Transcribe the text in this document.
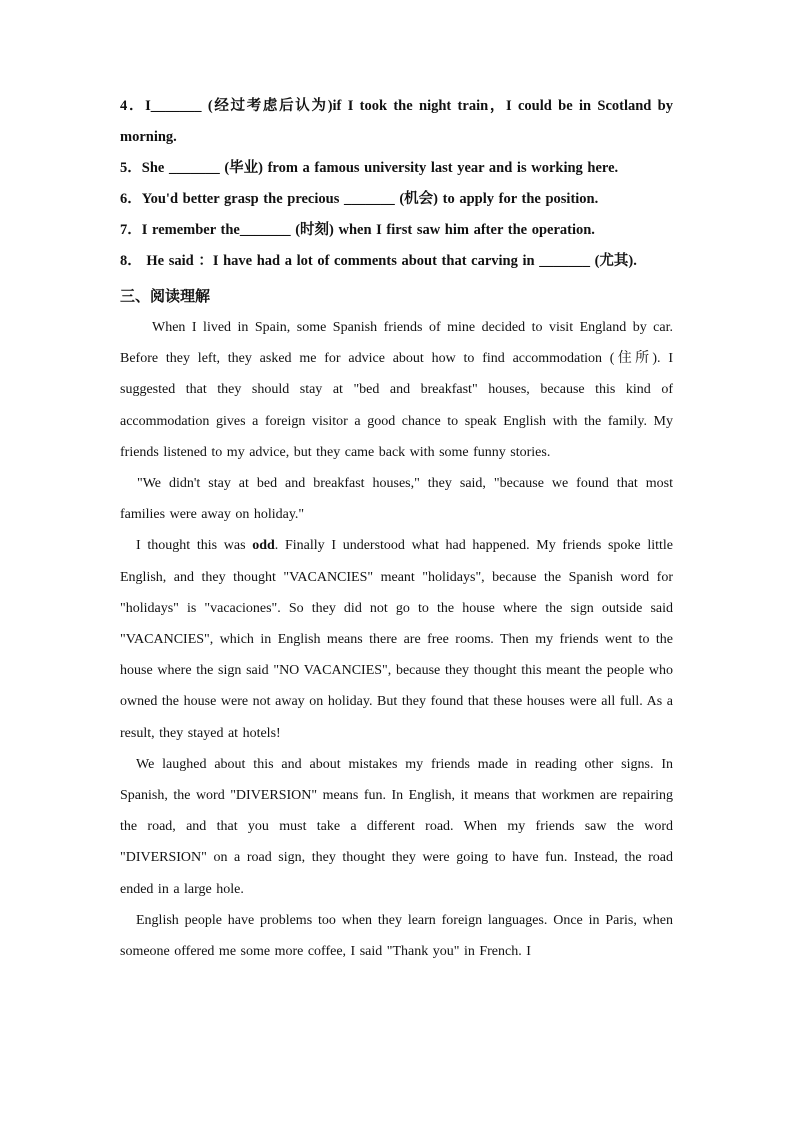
4．I_______ (经过考虑后认为)if I took the night train，I could be in Scotland by morning.

5．She _______ (毕业) from a famous university last year and is working here.

6．You'd better grasp the precious _______ (机会) to apply for the position.

7．I remember the_______ (时刻) when I first saw him after the operation.

8． He said ：I have had a lot of comments about that carving in _______ (尤其).

三、阅读理解

When I lived in Spain, some Spanish friends of mine decided to visit England by car. Before they left, they asked me for advice about how to find accommodation (住所). I suggested that they should stay at "bed and breakfast" houses, because this kind of accommodation gives a foreign visitor a good chance to speak English with the family. My friends listened to my advice, but they came back with some funny stories.

"We didn't stay at bed and breakfast houses," they said, "because we found that most families were away on holiday."

I thought this was odd. Finally I understood what had happened. My friends spoke little English, and they thought "VACANCIES" meant "holidays", because the Spanish word for "holidays" is "vacaciones". So they did not go to the house where the sign outside said "VACANCIES", which in English means there are free rooms. Then my friends went to the house where the sign said "NO VACANCIES", because they thought this meant the people who owned the house were not away on holiday. But they found that these houses were all full. As a result, they stayed at hotels!

We laughed about this and about mistakes my friends made in reading other signs. In Spanish, the word "DIVERSION" means fun. In English, it means that workmen are repairing the road, and that you must take a different road. When my friends saw the word "DIVERSION" on a road sign, they thought they were going to have fun. Instead, the road ended in a large hole.

English people have problems too when they learn foreign languages. Once in Paris, when someone offered me some more coffee, I said "Thank you" in French. I
